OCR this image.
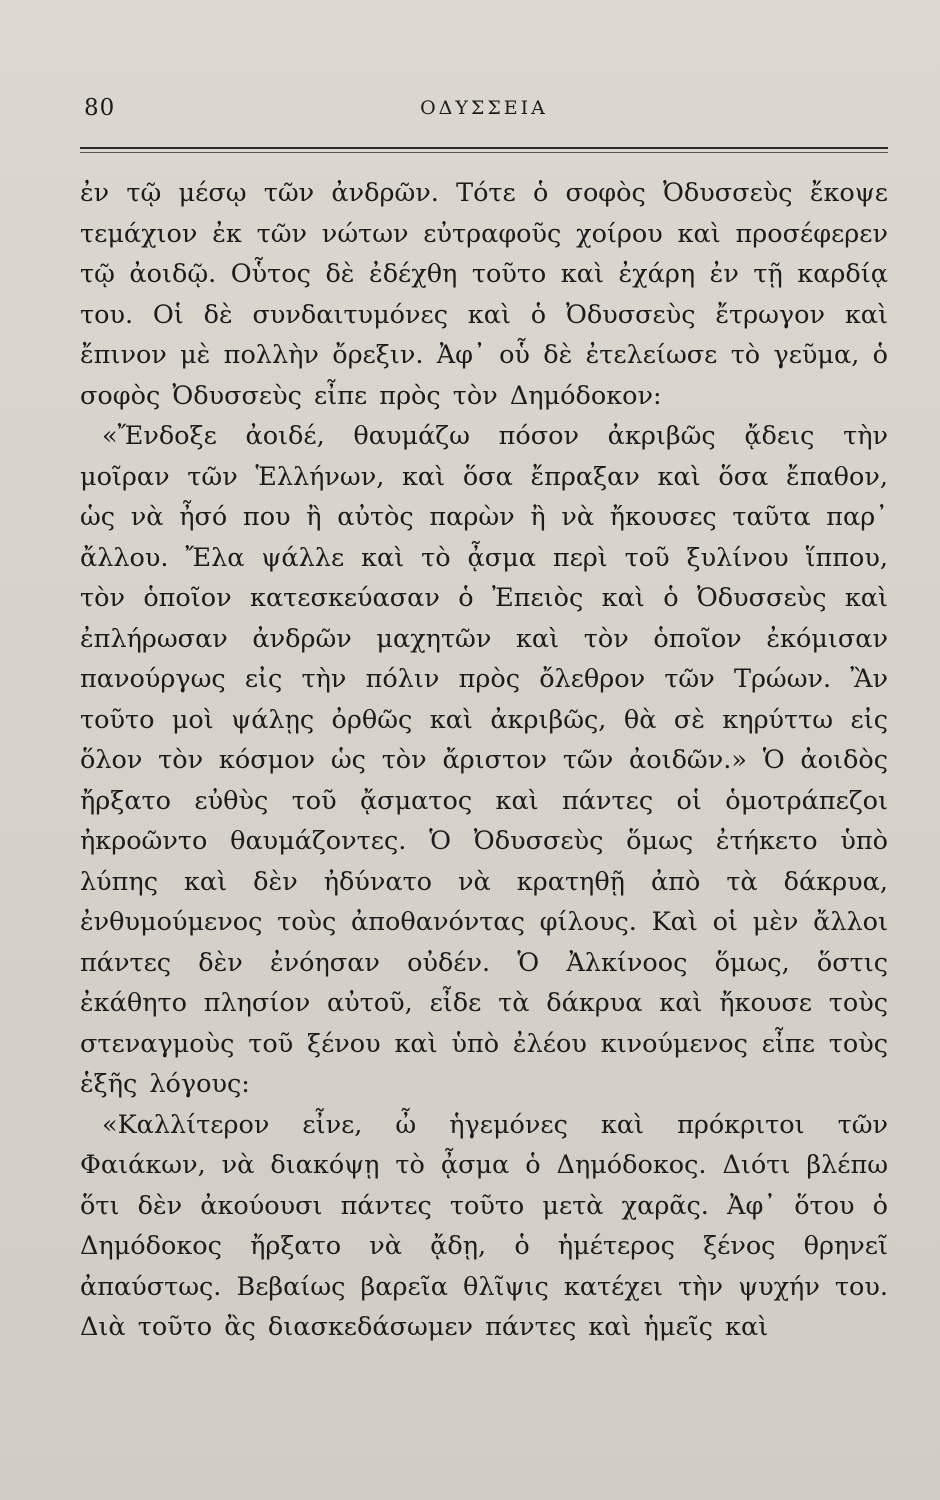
80	ΟΔΥΣΣΕΙΑ

ἐν τῷ μέσῳ τῶν ἀνδρῶν. Τότε ὁ σοφὸς Ὀδυσσεὺς ἔκοψε τεμάχιον ἐκ τῶν νώτων εὐτραφοῦς χοίρου καὶ προσέφερεν τῷ ἀοιδῷ. Οὗτος δὲ ἐδέχθη τοῦτο καὶ ἐχάρη ἐν τῇ καρδίᾳ του. Οἱ δὲ συνδαιτυμόνες καὶ ὁ Ὀδυσσεὺς ἔτρωγον καὶ ἔπινον μὲ πολλὴν ὄρεξιν. Ἀφ᾽ οὗ δὲ ἐτελείωσε τὸ γεῦμα, ὁ σοφὸς Ὀδυσσεὺς εἶπε πρὸς τὸν Δημόδοκον:

«Ἔνδοξε ἀοιδέ, θαυμάζω πόσον ἀκριβῶς ᾄδεις τὴν μοῖραν τῶν Ἑλλήνων, καὶ ὅσα ἔπραξαν καὶ ὅσα ἔπαθον, ὡς νὰ ἦσό που ἢ αὐτὸς παρὼν ἢ νὰ ἤκουσες ταῦτα παρ᾽ ἄλλου. Ἔλα ψάλλε καὶ τὸ ᾆσμα περὶ τοῦ ξυλίνου ἵππου, τὸν ὁποῖον κατεσκεύασαν ὁ Ἐπειὸς καὶ ὁ Ὀδυσσεὺς καὶ ἐπλήρωσαν ἀνδρῶν μαχητῶν καὶ τὸν ὁποῖον ἐκόμισαν πανούργως εἰς τὴν πόλιν πρὸς ὄλεθρον τῶν Τρώων. Ἂν τοῦτο μοὶ ψάλῃς ὀρθῶς καὶ ἀκριβῶς, θὰ σὲ κηρύττω εἰς ὅλον τὸν κόσμον ὡς τὸν ἄριστον τῶν ἀοιδῶν.» Ὁ ἀοιδὸς ἤρξατο εὐθὺς τοῦ ᾄσματος καὶ πάντες οἱ ὁμοτράπεζοι ἠκροῶντο θαυμάζοντες. Ὁ Ὀδυσσεὺς ὅμως ἐτήκετο ὑπὸ λύπης καὶ δὲν ἠδύνατο νὰ κρατηθῇ ἀπὸ τὰ δάκρυα, ἐνθυμούμενος τοὺς ἀποθανόντας φίλους. Καὶ οἱ μὲν ἄλλοι πάντες δὲν ἐνόησαν οὐδέν. Ὁ Ἀλκίνοος ὅμως, ὅστις ἐκάθητο πλησίον αὐτοῦ, εἶδε τὰ δάκρυα καὶ ἤκουσε τοὺς στεναγμοὺς τοῦ ξένου καὶ ὑπὸ ἐλέου κινούμενος εἶπε τοὺς ἑξῆς λόγους:

«Καλλίτερον εἶνε, ὦ ἡγεμόνες καὶ πρόκριτοι τῶν Φαιάκων, νὰ διακόψῃ τὸ ᾆσμα ὁ Δημόδοκος. Διότι βλέπω ὅτι δὲν ἀκούουσι πάντες τοῦτο μετὰ χαρᾶς. Ἀφ᾽ ὅτου ὁ Δημόδοκος ἤρξατο νὰ ᾄδῃ, ὁ ἡμέτερος ξένος θρηνεῖ ἀπαύστως. Βεβαίως βαρεῖα θλῖψις κατέχει τὴν ψυχήν του. Διὰ τοῦτο ἂς διασκεδάσωμεν πάντες καὶ ἡμεῖς καὶ
